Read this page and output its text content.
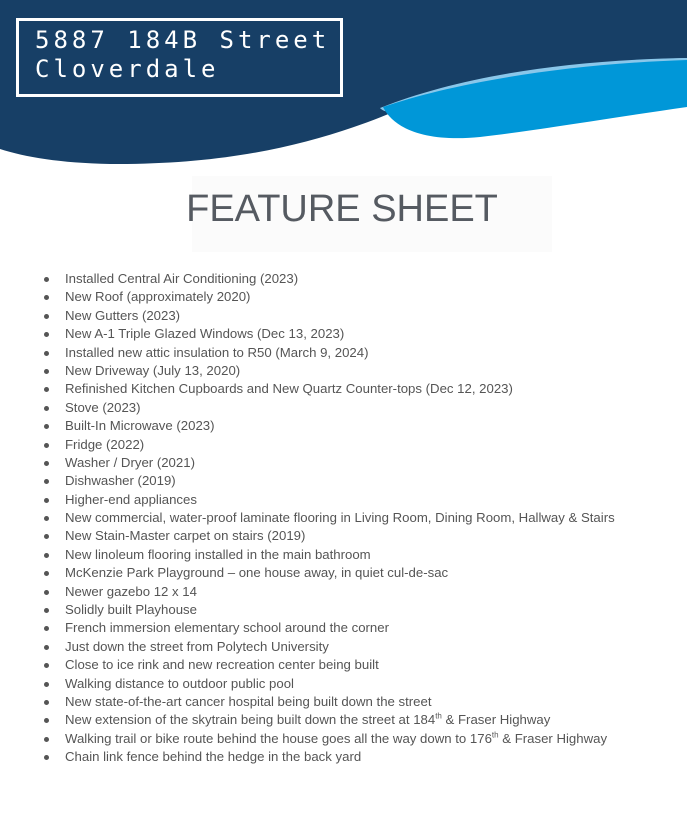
5887 184B Street
Cloverdale
FEATURE SHEET
Installed Central Air Conditioning (2023)
New Roof (approximately 2020)
New Gutters (2023)
New A-1 Triple Glazed Windows (Dec 13, 2023)
Installed new attic insulation to R50 (March 9, 2024)
New Driveway (July 13, 2020)
Refinished Kitchen Cupboards and New Quartz Counter-tops (Dec 12, 2023)
Stove (2023)
Built-In Microwave (2023)
Fridge (2022)
Washer / Dryer (2021)
Dishwasher (2019)
Higher-end appliances
New commercial, water-proof laminate flooring in Living Room, Dining Room, Hallway & Stairs
New Stain-Master carpet on stairs (2019)
New linoleum flooring installed in the main bathroom
McKenzie Park Playground – one house away, in quiet cul-de-sac
Newer gazebo 12 x 14
Solidly built Playhouse
French immersion elementary school around the corner
Just down the street from Polytech University
Close to ice rink and new recreation center being built
Walking distance to outdoor public pool
New state-of-the-art cancer hospital being built down the street
New extension of the skytrain being built down the street at 184th & Fraser Highway
Walking trail or bike route behind the house goes all the way down to 176th & Fraser Highway
Chain link fence behind the hedge in the back yard
